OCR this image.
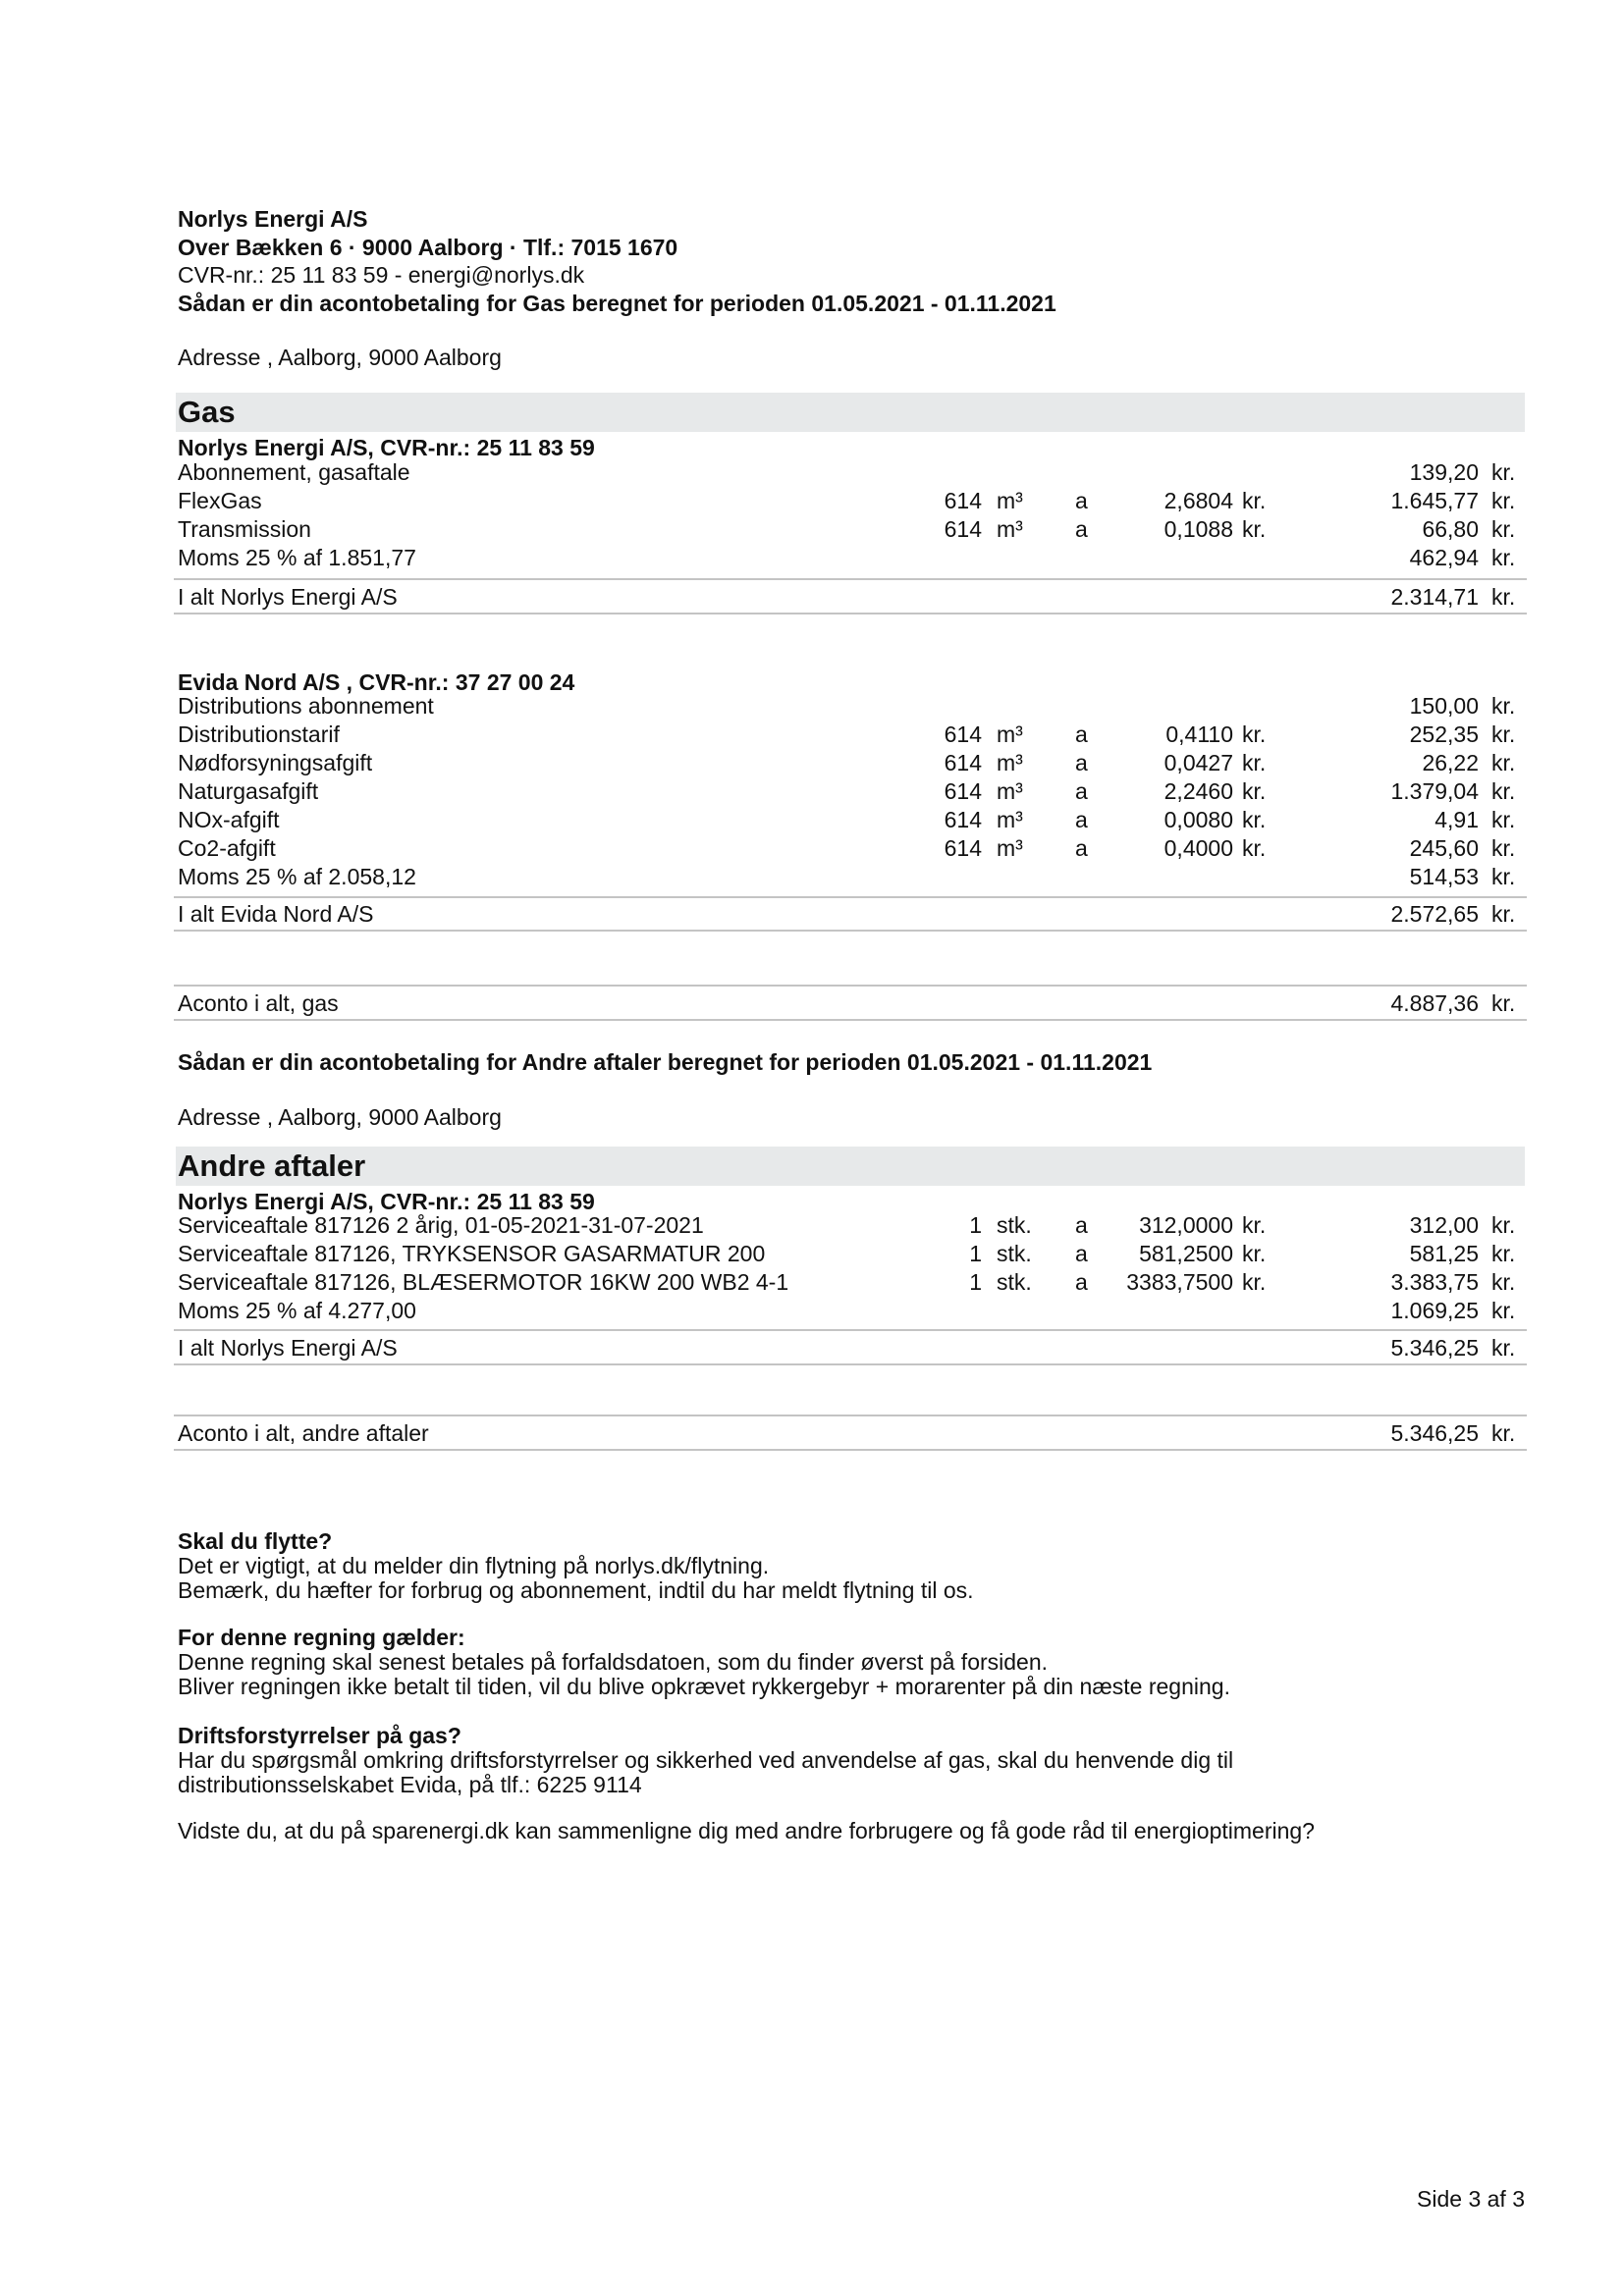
Norlys Energi A/S
Over Bækken 6 · 9000 Aalborg · Tlf.: 7015 1670
CVR-nr.: 25 11 83 59 - energi@norlys.dk
Sådan er din acontobetaling for Gas beregnet for perioden 01.05.2021 - 01.11.2021
Adresse , Aalborg, 9000 Aalborg
Gas
Norlys Energi A/S, CVR-nr.: 25 11 83 59
Abonnement, gasaftale	139,20 kr.
FlexGas	614 m³ a	2,6804 kr.	1.645,77 kr.
Transmission	614 m³ a	0,1088 kr.	66,80 kr.
Moms 25 % af 1.851,77	462,94 kr.
I alt Norlys Energi A/S	2.314,71 kr.
Evida Nord A/S , CVR-nr.: 37 27 00 24
Distributions abonnement	150,00 kr.
Distributionstarif	614 m³ a	0,4110 kr.	252,35 kr.
Nødforsyningsafgift	614 m³ a	0,0427 kr.	26,22 kr.
Naturgasafgift	614 m³ a	2,2460 kr.	1.379,04 kr.
NOx-afgift	614 m³ a	0,0080 kr.	4,91 kr.
Co2-afgift	614 m³ a	0,4000 kr.	245,60 kr.
Moms 25 % af 2.058,12	514,53 kr.
I alt Evida Nord A/S	2.572,65 kr.
Aconto i alt, gas	4.887,36 kr.
Sådan er din acontobetaling for Andre aftaler beregnet for perioden 01.05.2021 - 01.11.2021
Adresse , Aalborg, 9000 Aalborg
Andre aftaler
Norlys Energi A/S, CVR-nr.: 25 11 83 59
Serviceaftale 817126 2 årig, 01-05-2021-31-07-2021	1 stk. a 312,0000 kr.	312,00 kr.
Serviceaftale 817126, TRYKSENSOR GASARMATUR 200	1 stk. a 581,2500 kr.	581,25 kr.
Serviceaftale 817126, BLÆSERMOTOR 16KW 200 WB2 4-1	1 stk. a 3383,7500 kr.	3.383,75 kr.
Moms 25 % af 4.277,00	1.069,25 kr.
I alt Norlys Energi A/S	5.346,25 kr.
Aconto i alt, andre aftaler	5.346,25 kr.
Skal du flytte?
Det er vigtigt, at du melder din flytning på norlys.dk/flytning.
Bemærk, du hæfter for forbrug og abonnement, indtil du har meldt flytning til os.
For denne regning gælder:
Denne regning skal senest betales på forfaldsdatoen, som du finder øverst på forsiden.
Bliver regningen ikke betalt til tiden, vil du blive opkrævet rykkergebyr + morarenter på din næste regning.
Driftsforstyrrelser på gas?
Har du spørgsmål omkring driftsforstyrrelser og sikkerhed ved anvendelse af gas, skal du henvende dig til
distributionsselskabet Evida, på tlf.: 6225 9114
Vidste du, at du på sparenergi.dk kan sammenligne dig med andre forbrugere og få gode råd til energioptimering?
Side 3 af 3
